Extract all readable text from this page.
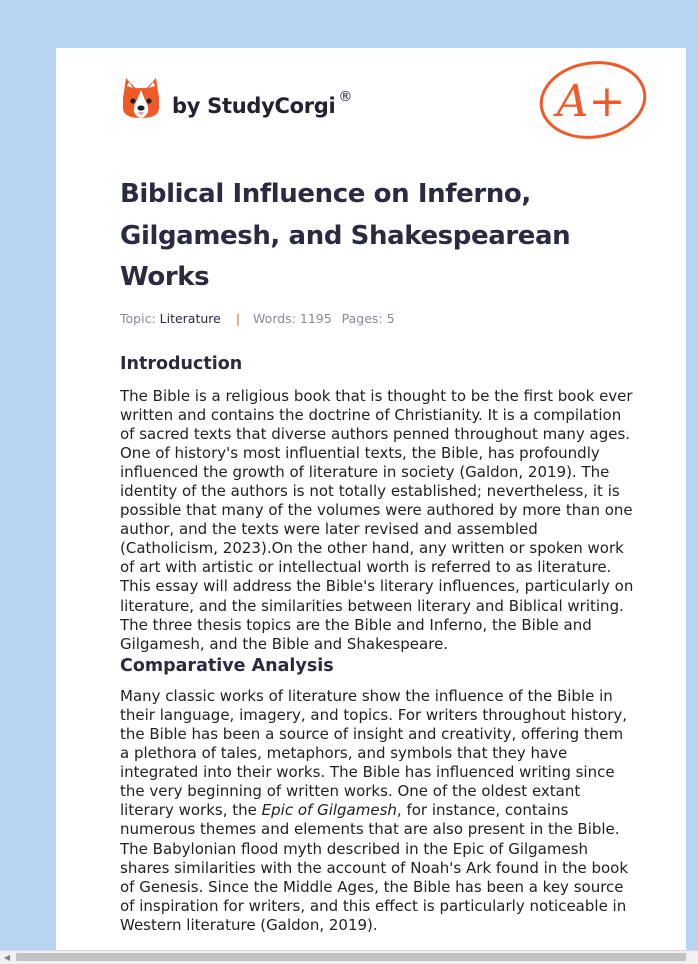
by StudyCorgi ®	A+
Biblical Influence on Inferno, Gilgamesh, and Shakespearean Works
Topic: Literature | Words: 1195 Pages: 5
Introduction

The Bible is a religious book that is thought to be the first book ever written and contains the doctrine of Christianity. It is a compilation of sacred texts that diverse authors penned throughout many ages. One of history's most influential texts, the Bible, has profoundly influenced the growth of literature in society (Galdon, 2019). The identity of the authors is not totally established; nevertheless, it is possible that many of the volumes were authored by more than one author, and the texts were later revised and assembled (Catholicism, 2023).On the other hand, any written or spoken work of art with artistic or intellectual worth is referred to as literature. This essay will address the Bible's literary influences, particularly on literature, and the similarities between literary and Biblical writing. The three thesis topics are the Bible and Inferno, the Bible and Gilgamesh, and the Bible and Shakespeare.

Comparative Analysis

Many classic works of literature show the influence of the Bible in their language, imagery, and topics. For writers throughout history, the Bible has been a source of insight and creativity, offering them a plethora of tales, metaphors, and symbols that they have integrated into their works. The Bible has influenced writing since the very beginning of written works. One of the oldest extant literary works, the Epic of Gilgamesh, for instance, contains numerous themes and elements that are also present in the Bible. The Babylonian flood myth described in the Epic of Gilgamesh shares similarities with the account of Noah's Ark found in the book of Genesis. Since the Middle Ages, the Bible has been a key source of inspiration for writers, and this effect is particularly noticeable in Western literature (Galdon, 2019).

◀
